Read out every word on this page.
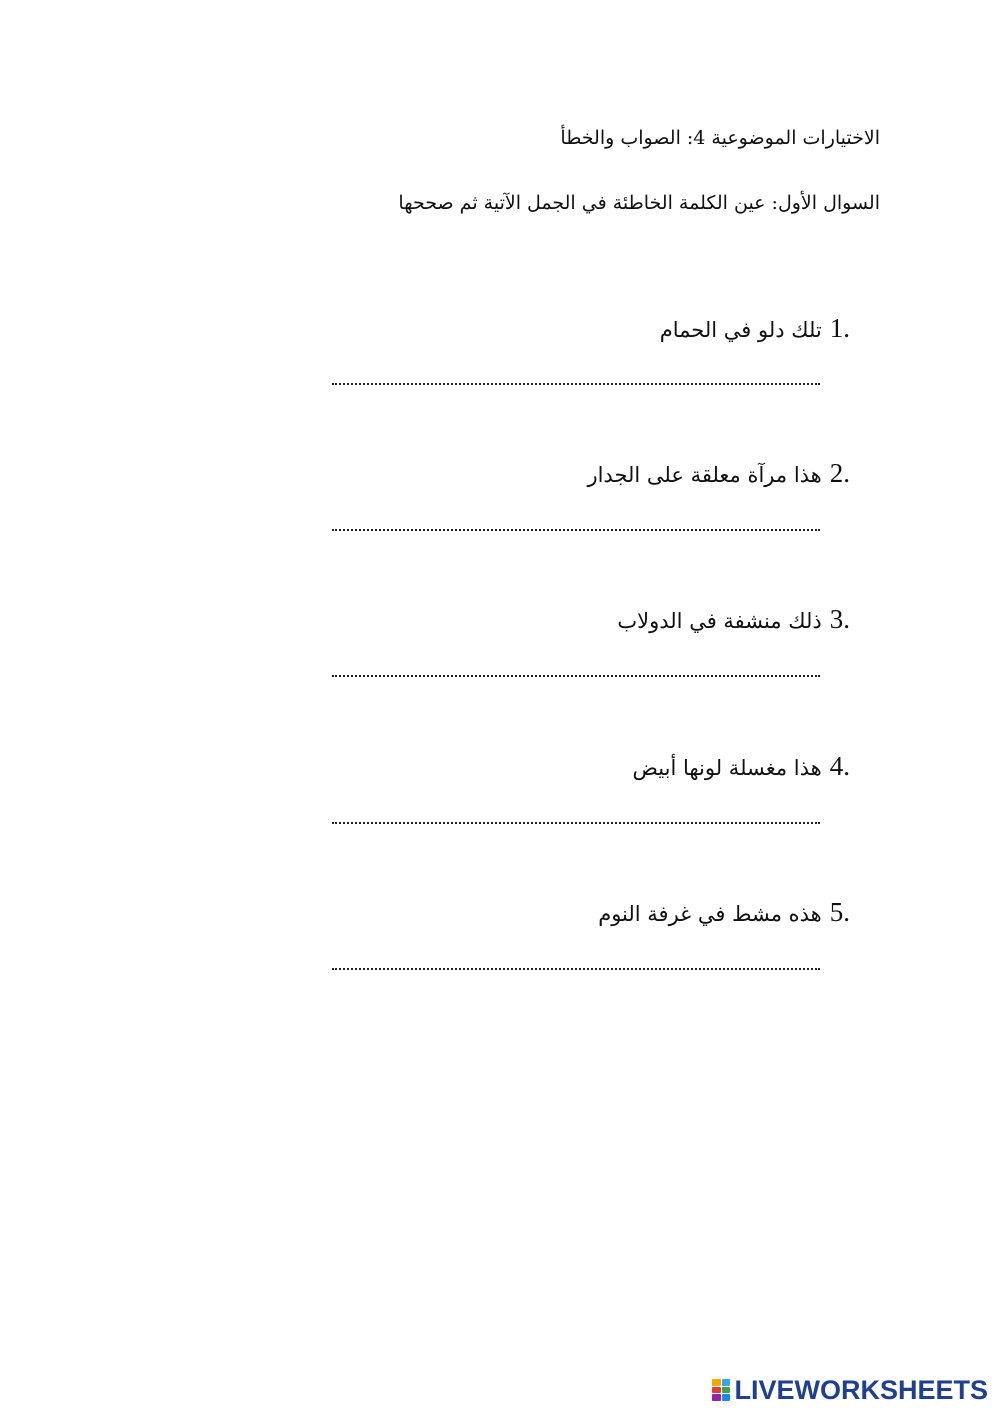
الاختيارات الموضوعية 4: الصواب والخطأ
السوال الأول: عين الكلمة الخاطئة في الجمل الآتية ثم صححها
1.
تلك دلو في الحمام
2.
هذا مرآة معلقة على الجدار
3.
ذلك منشفة في الدولاب
4.
هذا مغسلة لونها أبيض
5.
هذه مشط في غرفة النوم
LIVEWORKSHEETS
